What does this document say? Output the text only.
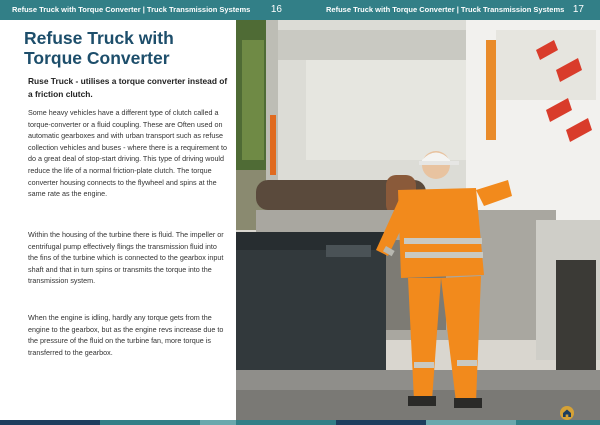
Refuse Truck with Torque Converter | Truck Transmission Systems 16	Refuse Truck with Torque Converter | Truck Transmission Systems 17
Refuse Truck with Torque Converter

Ruse Truck - utilises a torque converter instead of a friction clutch.

Some heavy vehicles have a different type of clutch called a torque-converter or a fluid coupling. These are Often used on automatic gearboxes and with urban transport such as refuse collection vehicles and buses - where there is a requirement to do a great deal of stop-start driving. This type of driving would reduce the life of a normal friction-plate clutch. The torque converter housing connects to the flywheel and spins at the same rate as the engine.

Within the housing of the turbine there is fluid. The impeller or centrifugal pump effectively flings the transmission fluid into the fins of the turbine which is connected to the gearbox input shaft and that in turn spins or transmits the torque into the transmission system.

When the engine is idling, hardly any torque gets from the engine to the gearbox, but as the engine revs increase due to the pressure of the fluid on the turbine fan, more torque is transferred to the gearbox.
